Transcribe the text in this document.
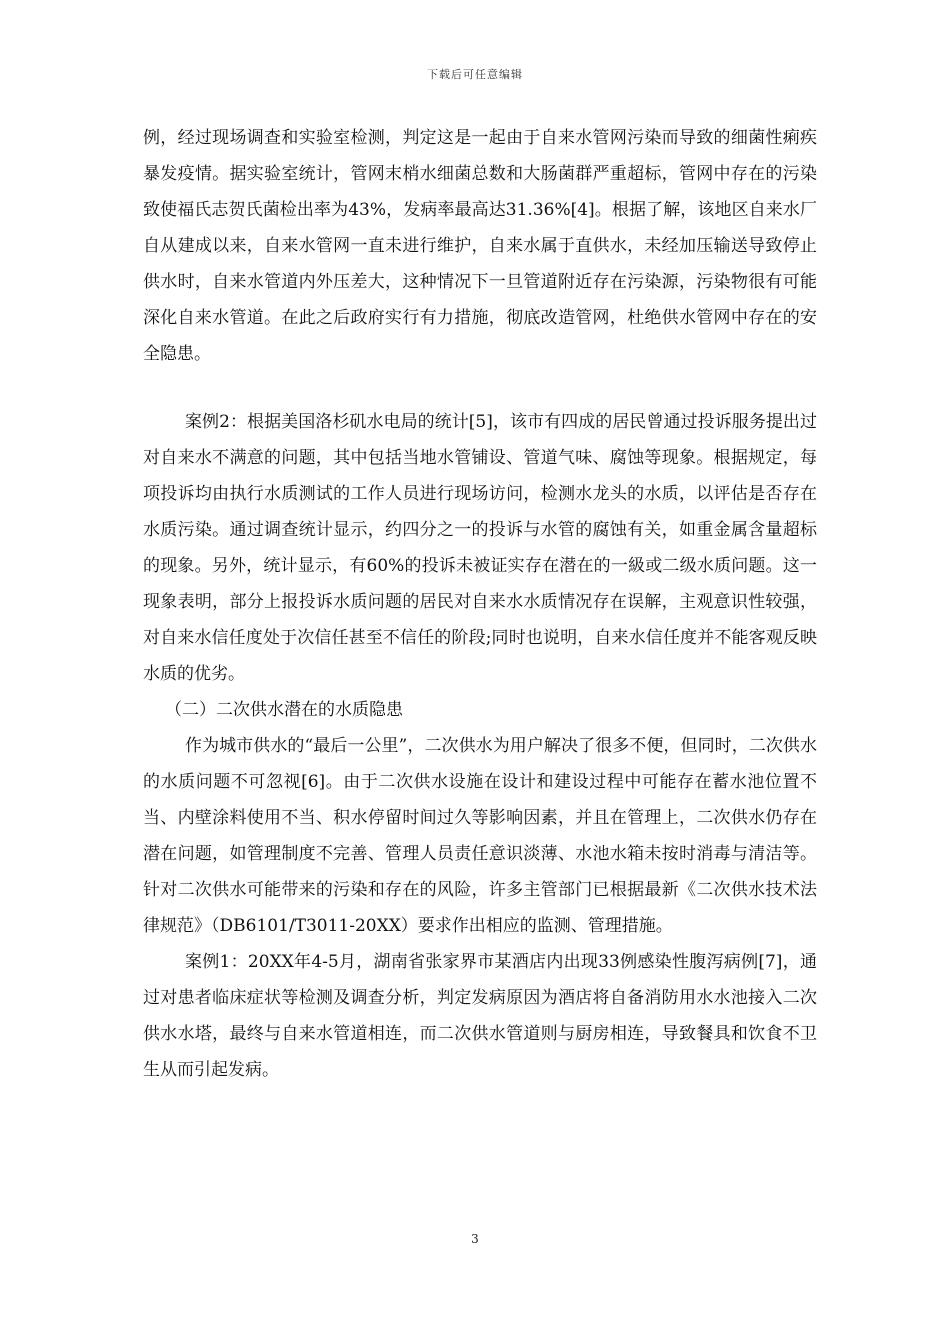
下载后可任意编辑

例，经过现场调查和实验室检测，判定这是一起由于自来水管网污染而导致的细菌性痢疾暴发疫情。据实验室统计，管网末梢水细菌总数和大肠菌群严重超标，管网中存在的污染致使福氏志贺氏菌检出率为43%，发病率最高达31.36%[4]。根据了解，该地区自来水厂自从建成以来，自来水管网一直未进行维护，自来水属于直供水，未经加压输送导致停止供水时，自来水管道内外压差大，这种情况下一旦管道附近存在污染源，污染物很有可能深化自来水管道。在此之后政府实行有力措施，彻底改造管网，杜绝供水管网中存在的安全隐患。

案例2：根据美国洛杉矶水电局的统计[5]，该市有四成的居民曾通过投诉服务提出过对自来水不满意的问题，其中包括当地水管铺设、管道气味、腐蚀等现象。根据规定，每项投诉均由执行水质测试的工作人员进行现场访问，检测水龙头的水质，以评估是否存在水质污染。通过调查统计显示，约四分之一的投诉与水管的腐蚀有关，如重金属含量超标的现象。另外，统计显示，有60%的投诉未被证实存在潜在的一級或二级水质问题。这一现象表明，部分上报投诉水质问题的居民对自来水水质情况存在误解，主观意识性较强，对自来水信任度处于次信任甚至不信任的阶段;同时也说明，自来水信任度并不能客观反映水质的优劣。

（二）二次供水潜在的水质隐患

作为城市供水的“最后一公里”，二次供水为用户解决了很多不便，但同时，二次供水的水质问题不可忽视[6]。由于二次供水设施在设计和建设过程中可能存在蓄水池位置不当、内壁涂料使用不当、积水停留时间过久等影响因素，并且在管理上，二次供水仍存在潜在问题，如管理制度不完善、管理人员责任意识淡薄、水池水箱未按时消毒与清洁等。针对二次供水可能带来的污染和存在的风险，许多主管部门已根据最新《二次供水技术法律规范》（DB6101/T3011-20XX）要求作出相应的监测、管理措施。

案例1：20XX年4-5月，湖南省张家界市某酒店内出现33例感染性腹泻病例[7]，通过对患者临床症状等检测及调查分析，判定发病原因为酒店将自备消防用水水池接入二次供水水塔，最终与自来水管道相连，而二次供水管道则与厨房相连，导致餐具和饮食不卫生从而引起发病。

3
